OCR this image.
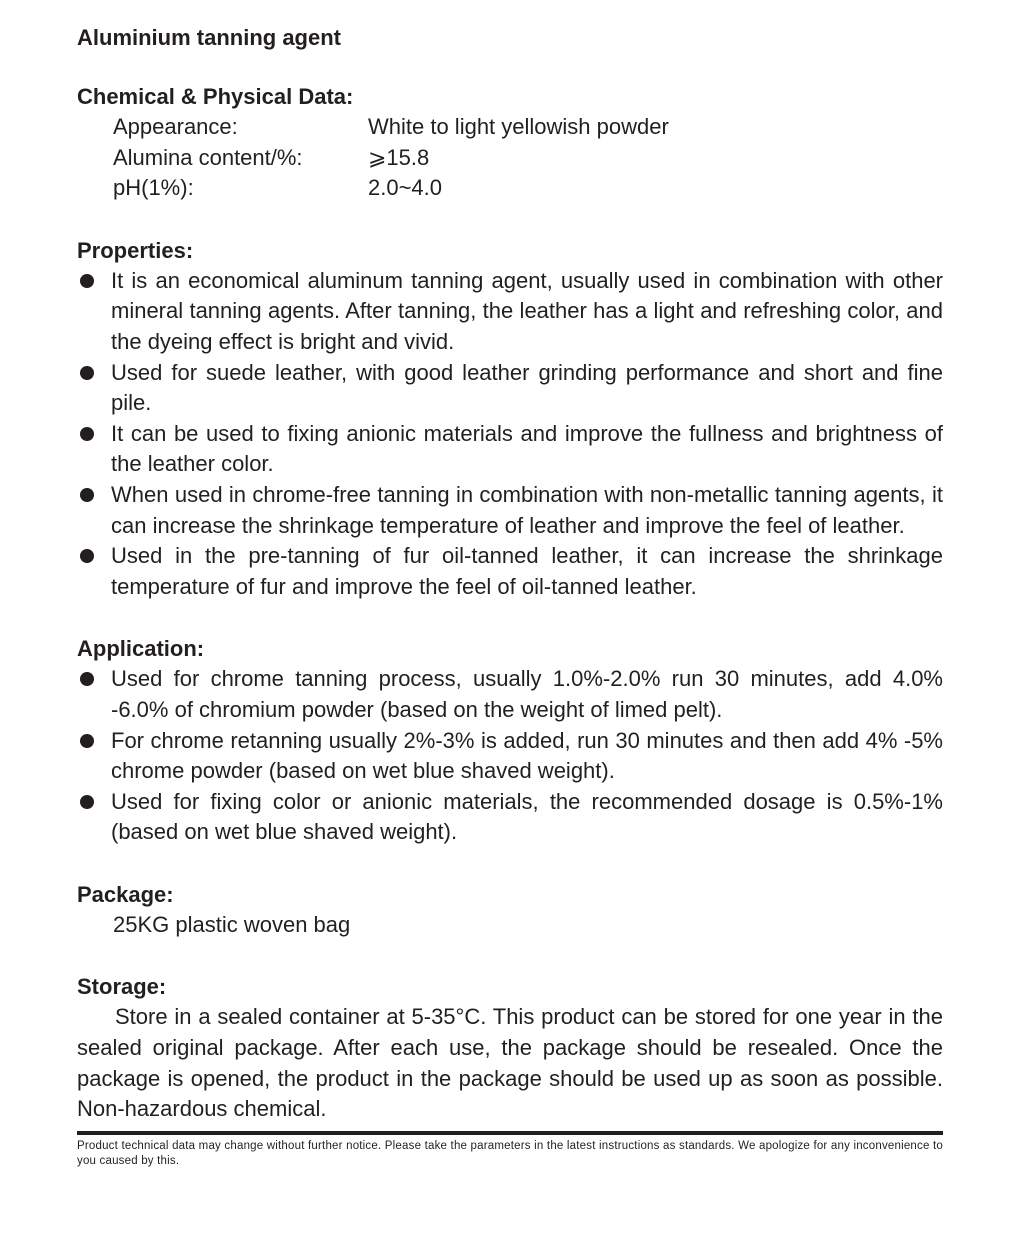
Aluminium tanning agent
Chemical & Physical Data:
Appearance:	White to light yellowish powder
Alumina content/%:	⩾15.8
pH(1%):	2.0~4.0
Properties:
It is an economical aluminum tanning agent, usually used in combination with other mineral tanning agents. After tanning, the leather has a light and refreshing color, and the dyeing effect is bright and vivid.
Used for suede leather, with good leather grinding performance and short and fine pile.
It can be used to fixing anionic materials and improve the fullness and brightness of the leather color.
When used in chrome-free tanning in combination with non-metallic tanning agents, it can increase the shrinkage temperature of leather and improve the feel of leather.
Used in the pre-tanning of fur oil-tanned leather, it can increase the shrinkage temperature of fur and improve the feel of oil-tanned leather.
Application:
Used for chrome tanning process, usually 1.0%-2.0% run 30 minutes, add 4.0% -6.0% of chromium powder (based on the weight of limed pelt).
For chrome retanning usually 2%-3% is added, run 30 minutes and then add 4% -5% chrome powder (based on wet blue shaved weight).
Used for fixing color or anionic materials, the recommended dosage is 0.5%-1% (based on wet blue shaved weight).
Package:
25KG plastic woven bag
Storage:

Store in a sealed container at 5-35°C. This product can be stored for one year in the sealed original package. After each use, the package should be resealed. Once the package is opened, the product in the package should be used up as soon as possible. Non-hazardous chemical.

Product technical data may change without further notice. Please take the parameters in the latest instructions as standards. We apologize for any inconvenience to you caused by this.
